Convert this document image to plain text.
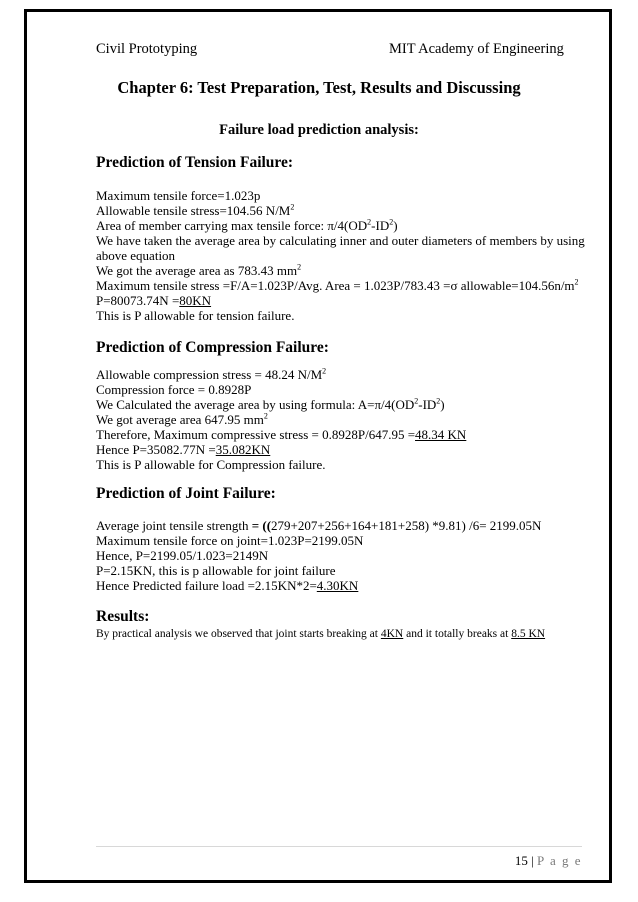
Civil Prototyping	MIT Academy of Engineering
Chapter 6: Test Preparation, Test, Results and Discussing
Failure load prediction analysis:
Prediction of Tension Failure:
Maximum tensile force=1.023p
Allowable tensile stress=104.56 $N/M^2$
Area of member carrying max tensile force: $\pi/4(OD^2-ID^2)$
We have taken the average area by calculating inner and outer diameters of members by using
above equation
We got the average area as 783.43 $mm^2$
Maximum tensile stress =F/A=1.023P/Avg. Area = 1.023P/783.43 =σ $allowable=104.56n/m^2$
P=80073.74N =80KN
This is P allowable for tension failure.
Prediction of Compression Failure:
Allowable compression stress = 48.24 $N/M^2$
Compression force = 0.8928P
We Calculated the average area by using formula: $A=\pi/4(OD^2-ID^2)$
We got average area 647.95 $mm^2$
Therefore, Maximum compressive stress = 0.8928P/647.95 =48.34 KN
Hence P=35082.77N =35.082KN
This is P allowable for Compression failure.
Prediction of Joint Failure:
Average joint tensile strength = ((279+207+256+164+181+258) *9.81) /6= 2199.05N
Maximum tensile force on joint=1.023P=2199.05N
Hence, P=2199.05/1.023=2149N
P=2.15KN, this is p allowable for joint failure
Hence Predicted failure load =2.15KN*2=4.30KN
Results:
By practical analysis we observed that joint starts breaking at 4KN and it totally breaks at 8.5 KN
15 | P a g e
